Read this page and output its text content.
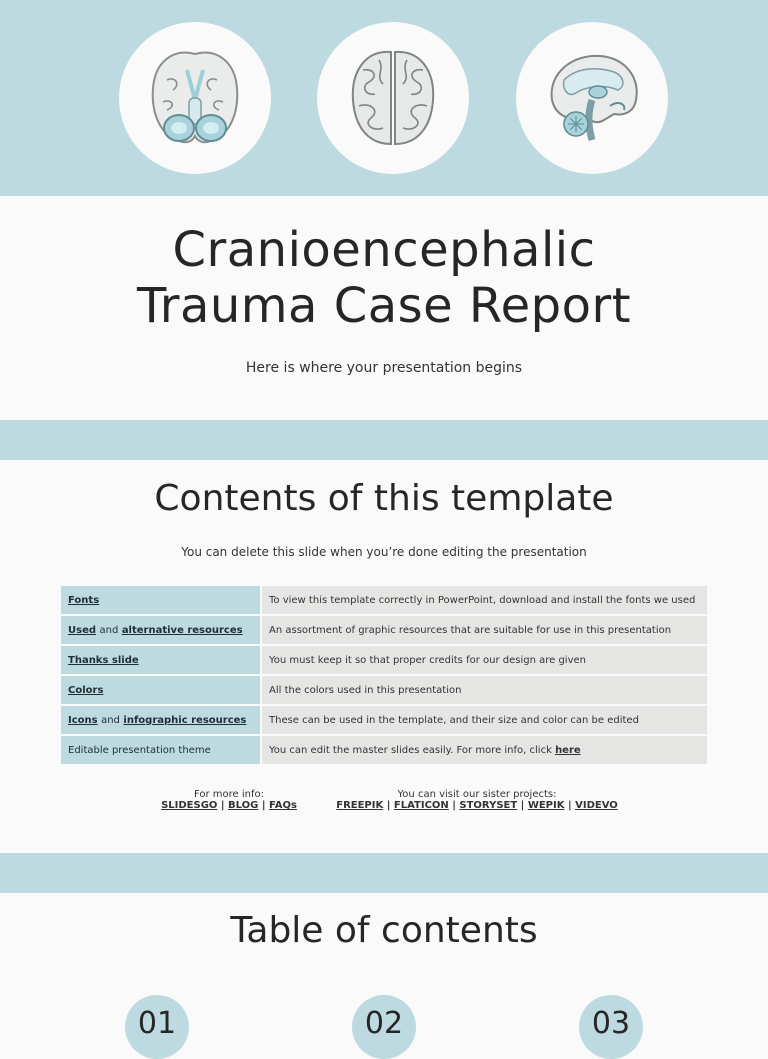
Cranioencephalic
Trauma Case Report
Here is where your presentation begins
Contents of this template
You can delete this slide when you’re done editing the presentation
Fonts	To view this template correctly in PowerPoint, download and install the fonts we used
Used and alternative resources	An assortment of graphic resources that are suitable for use in this presentation
Thanks slide	You must keep it so that proper credits for our design are given
Colors	All the colors used in this presentation
Icons and infographic resources	These can be used in the template, and their size and color can be edited
Editable presentation theme	You can edit the master slides easily. For more info, click here
For more info:
SLIDESGO | BLOG | FAQs
You can visit our sister projects:
FREEPIK | FLATICON | STORYSET | WEPIK | VIDEVO
Table of contents
01	02	03
